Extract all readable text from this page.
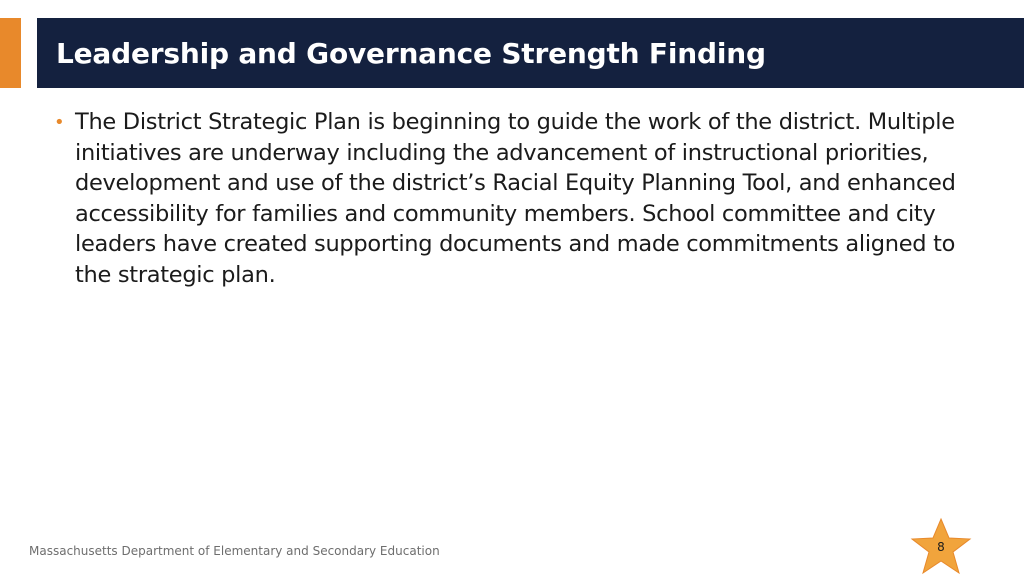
Leadership and Governance Strength Finding
• The District Strategic Plan is beginning to guide the work of the district. Multiple initiatives are underway including the advancement of instructional priorities, development and use of the district’s Racial Equity Planning Tool, and enhanced accessibility for families and community members. School committee and city leaders have created supporting documents and made commitments aligned to the strategic plan.
Massachusetts Department of Elementary and Secondary Education	8
